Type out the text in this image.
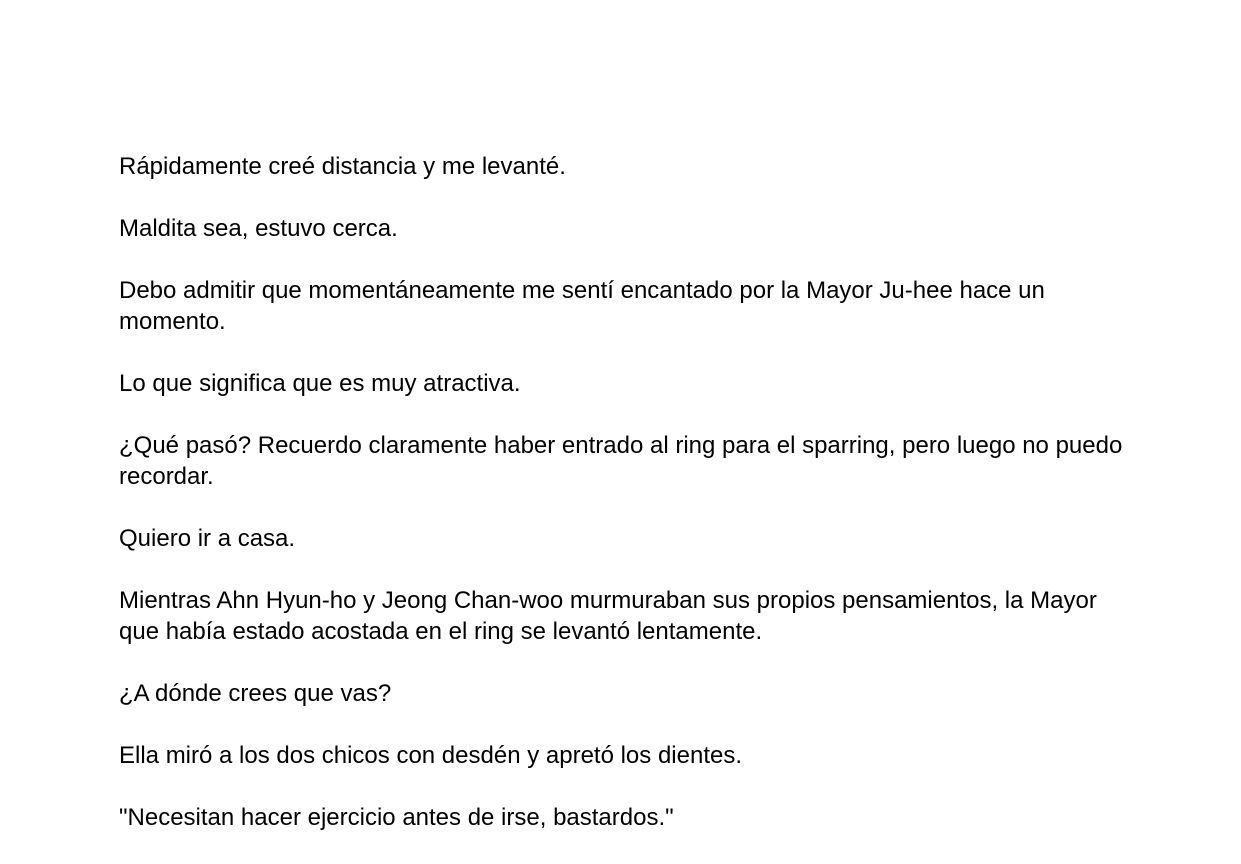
Rápidamente creé distancia y me levanté.

Maldita sea, estuvo cerca.

Debo admitir que momentáneamente me sentí encantado por la Mayor Ju-hee hace un momento.

Lo que significa que es muy atractiva.

¿Qué pasó? Recuerdo claramente haber entrado al ring para el sparring, pero luego no puedo recordar.

Quiero ir a casa.

Mientras Ahn Hyun-ho y Jeong Chan-woo murmuraban sus propios pensamientos, la Mayor que había estado acostada en el ring se levantó lentamente.

¿A dónde crees que vas?

Ella miró a los dos chicos con desdén y apretó los dientes.

"Necesitan hacer ejercicio antes de irse, bastardos."
